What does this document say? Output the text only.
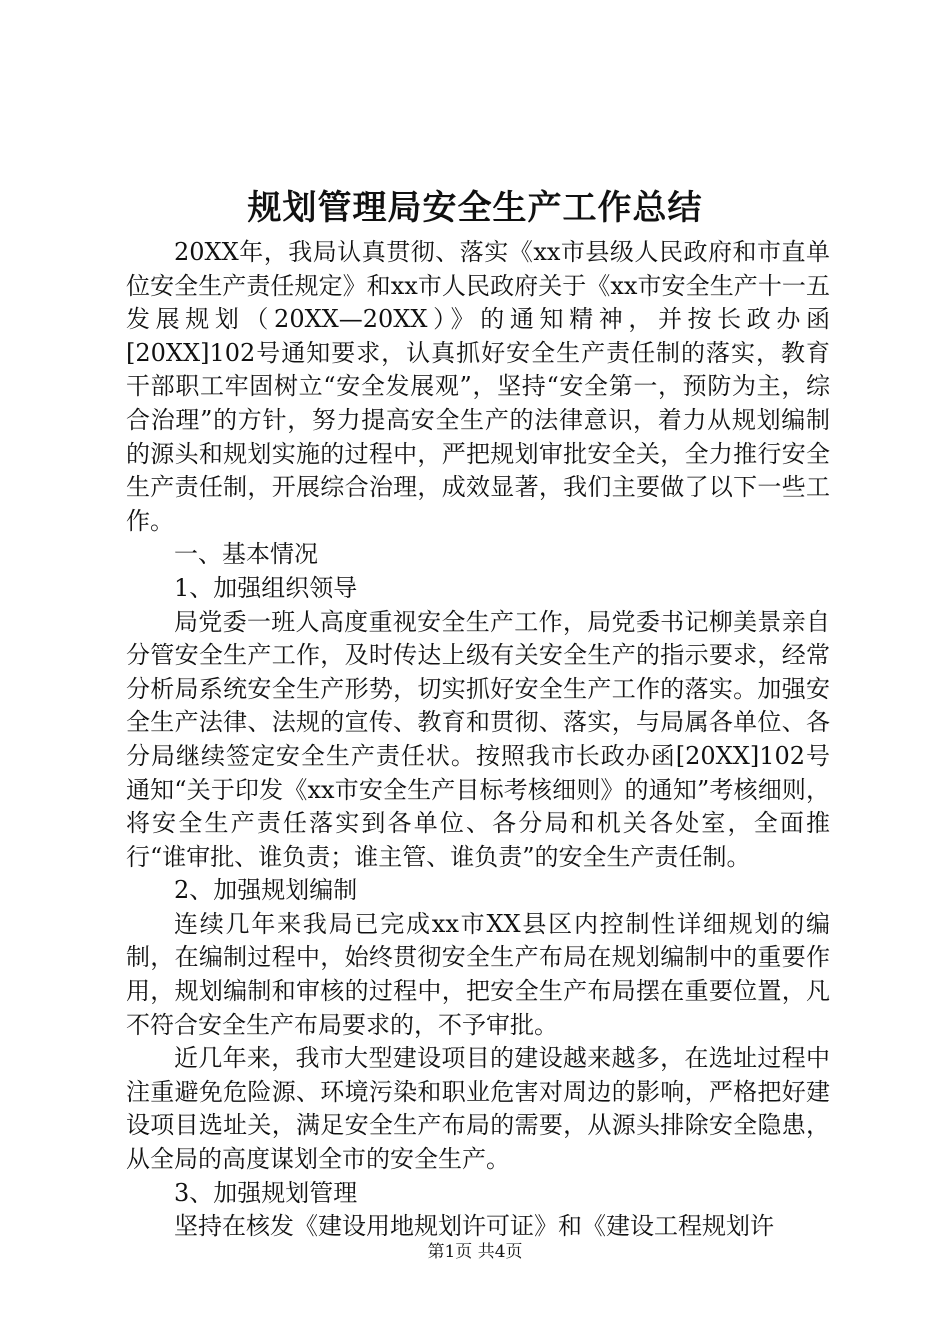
规划管理局安全生产工作总结

20XX年，我局认真贯彻、落实《xx市县级人民政府和市直单位安全生产责任规定》和xx市人民政府关于《xx市安全生产十一五发展规划（20XX—20XX）》的通知精神，并按长政办函[20XX]102号通知要求，认真抓好安全生产责任制的落实，教育干部职工牢固树立“安全发展观”，坚持“安全第一，预防为主，综合治理”的方针，努力提高安全生产的法律意识，着力从规划编制的源头和规划实施的过程中，严把规划审批安全关，全力推行安全生产责任制，开展综合治理，成效显著，我们主要做了以下一些工作。

一、基本情况

1、加强组织领导

局党委一班人高度重视安全生产工作，局党委书记柳美景亲自分管安全生产工作，及时传达上级有关安全生产的指示要求，经常分析局系统安全生产形势，切实抓好安全生产工作的落实。加强安全生产法律、法规的宣传、教育和贯彻、落实，与局属各单位、各分局继续签定安全生产责任状。按照我市长政办函[20XX]102号通知“关于印发《xx市安全生产目标考核细则》的通知”考核细则，将安全生产责任落实到各单位、各分局和机关各处室，全面推行“谁审批、谁负责；谁主管、谁负责”的安全生产责任制。

2、加强规划编制

连续几年来我局已完成xx市XX县区内控制性详细规划的编制，在编制过程中，始终贯彻安全生产布局在规划编制中的重要作用，规划编制和审核的过程中，把安全生产布局摆在重要位置，凡不符合安全生产布局要求的，不予审批。

近几年来，我市大型建设项目的建设越来越多，在选址过程中注重避免危险源、环境污染和职业危害对周边的影响，严格把好建设项目选址关，满足安全生产布局的需要，从源头排除安全隐患，从全局的高度谋划全市的安全生产。

3、加强规划管理

坚持在核发《建设用地规划许可证》和《建设工程规划许

第1页 共4页
